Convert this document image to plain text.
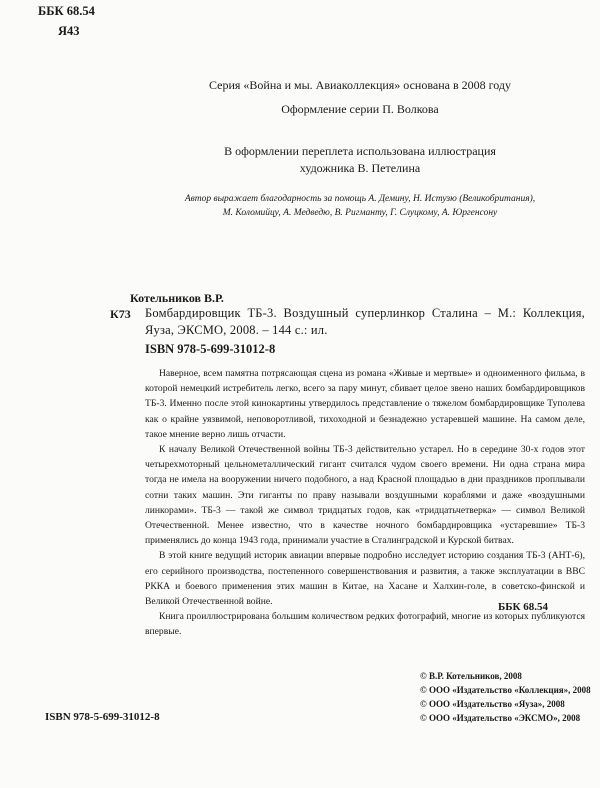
ББК 68.54
Я43
Серия «Война и мы. Авиаколлекция» основана в 2008 году
Оформление серии П. Волкова
В оформлении переплета использована иллюстрация
художника В. Петелина
Автор выражает благодарность за помощь А. Демину, Н. Истузю (Великобритания),
М. Коломийцу, А. Медведю, В. Ригманту, Г. Слуцкому, А. Юргенсону
Котельников В.Р.
К73 Бомбардировщик ТБ-3. Воздушный суперлинкор Сталина – М.: Коллекция, Яуза, ЭКСМО, 2008. – 144 с.: ил.
ISBN 978-5-699-31012-8

Наверное, всем памятна потрясающая сцена из романа «Живые и мертвые» и одноименного фильма, в которой немецкий истребитель легко, всего за пару минут, сбивает целое звено наших бомбардировщиков ТБ-3. Именно после этой кинокартины утвердилось представление о тяжелом бомбардировщике Туполева как о крайне уязвимой, неповоротливой, тихоходной и безнадежно устаревшей машине. На самом деле, такое мнение верно лишь отчасти.

К началу Великой Отечественной войны ТБ-3 действительно устарел. Но в середине 30-х годов этот четырехмоторный цельнометаллический гигант считался чудом своего времени. Ни одна страна мира тогда не имела на вооружении ничего подобного, а над Красной площадью в дни праздников проплывали сотни таких машин. Эти гиганты по праву называли воздушными кораблями и даже «воздушными линкорами». ТБ-3 — такой же символ тридцатых годов, как «тридцатьчетверка» — символ Великой Отечественной. Менее известно, что в качестве ночного бомбардировщика «устаревшие» ТБ-3 применялись до конца 1943 года, принимали участие в Сталинградской и Курской битвах.

В этой книге ведущий историк авиации впервые подробно исследует историю создания ТБ-3 (АНТ-6), его серийного производства, постепенного совершенствования и развития, а также эксплуатации в ВВС РККА и боевого применения этих машин в Китае, на Хасане и Халхин-голе, в советско-финской и Великой Отечественной войне.

Книга проиллюстрирована большим количеством редких фотографий, многие из которых публикуются впервые.

ББК 68.54
© В.Р. Котельников, 2008
© ООО «Издательство «Коллекция», 2008
© ООО «Издательство «Яуза», 2008
© ООО «Издательство «ЭКСМО», 2008
ISBN 978-5-699-31012-8
